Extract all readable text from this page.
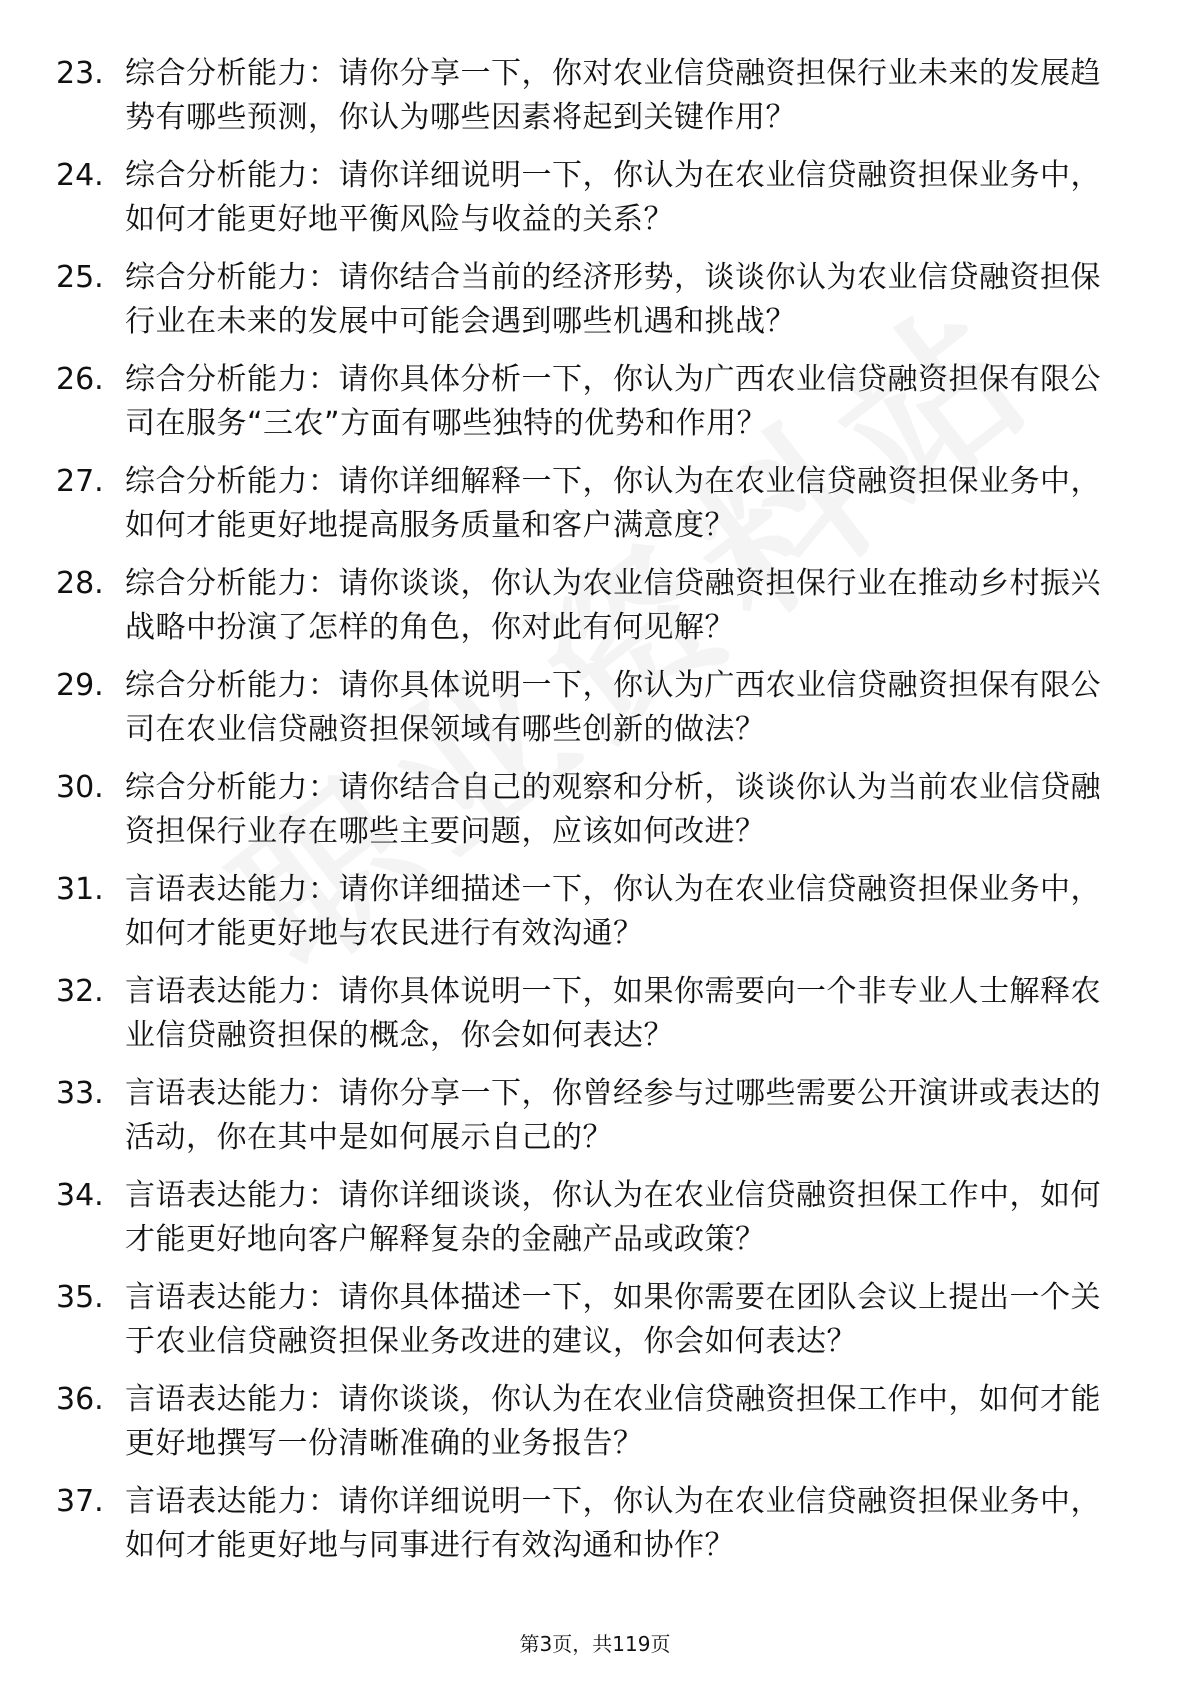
23. 综合分析能力：请你分享一下，你对农业信贷融资担保行业未来的发展趋势有哪些预测，你认为哪些因素将起到关键作用？
24. 综合分析能力：请你详细说明一下，你认为在农业信贷融资担保业务中，如何才能更好地平衡风险与收益的关系？
25. 综合分析能力：请你结合当前的经济形势，谈谈你认为农业信贷融资担保行业在未来的发展中可能会遇到哪些机遇和挑战？
26. 综合分析能力：请你具体分析一下，你认为广西农业信贷融资担保有限公司在服务“三农”方面有哪些独特的优势和作用？
27. 综合分析能力：请你详细解释一下，你认为在农业信贷融资担保业务中，如何才能更好地提高服务质量和客户满意度？
28. 综合分析能力：请你谈谈，你认为农业信贷融资担保行业在推动乡村振兴战略中扮演了怎样的角色，你对此有何见解？
29. 综合分析能力：请你具体说明一下，你认为广西农业信贷融资担保有限公司在农业信贷融资担保领域有哪些创新的做法？
30. 综合分析能力：请你结合自己的观察和分析，谈谈你认为当前农业信贷融资担保行业存在哪些主要问题，应该如何改进？
31. 言语表达能力：请你详细描述一下，你认为在农业信贷融资担保业务中，如何才能更好地与农民进行有效沟通？
32. 言语表达能力：请你具体说明一下，如果你需要向一个非专业人士解释农业信贷融资担保的概念，你会如何表达？
33. 言语表达能力：请你分享一下，你曾经参与过哪些需要公开演讲或表达的活动，你在其中是如何展示自己的？
34. 言语表达能力：请你详细谈谈，你认为在农业信贷融资担保工作中，如何才能更好地向客户解释复杂的金融产品或政策？
35. 言语表达能力：请你具体描述一下，如果你需要在团队会议上提出一个关于农业信贷融资担保业务改进的建议，你会如何表达？
36. 言语表达能力：请你谈谈，你认为在农业信贷融资担保工作中，如何才能更好地撰写一份清晰准确的业务报告？
37. 言语表达能力：请你详细说明一下，你认为在农业信贷融资担保业务中，如何才能更好地与同事进行有效沟通和协作？
第3页，共119页
